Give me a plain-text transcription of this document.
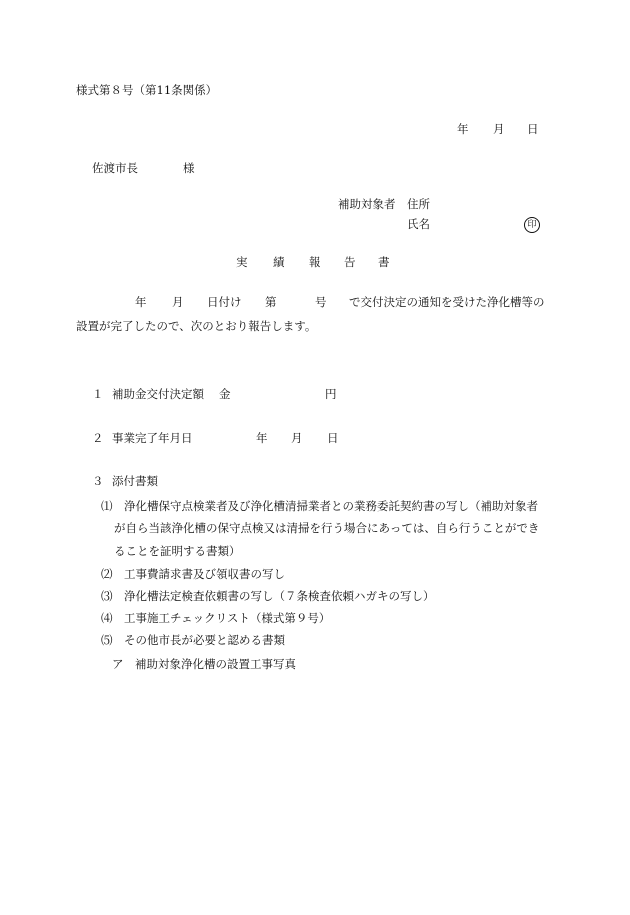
様式第８号（第11条関係）
年 月 日
佐渡市長	様
補助対象者 住所
氏名	印
実 績 報 告 書
年 月 日付け 第	号 で交付決定の通知を受けた浄化槽等の
設置が完了したので、次のとおり報告します。
１ 補助金交付決定額 金	円
２ 事業完了年月日	年 月 日
３ 添付書類
⑴ 浄化槽保守点検業者及び浄化槽清掃業者との業務委託契約書の写し（補助対象者
が自ら当該浄化槽の保守点検又は清掃を行う場合にあっては、自ら行うことができ
ることを証明する書類）
⑵ 工事費請求書及び領収書の写し
⑶ 浄化槽法定検査依頼書の写し（７条検査依頼ハガキの写し）
⑷ 工事施工チェックリスト（様式第９号）
⑸ その他市長が必要と認める書類
ア 補助対象浄化槽の設置工事写真
